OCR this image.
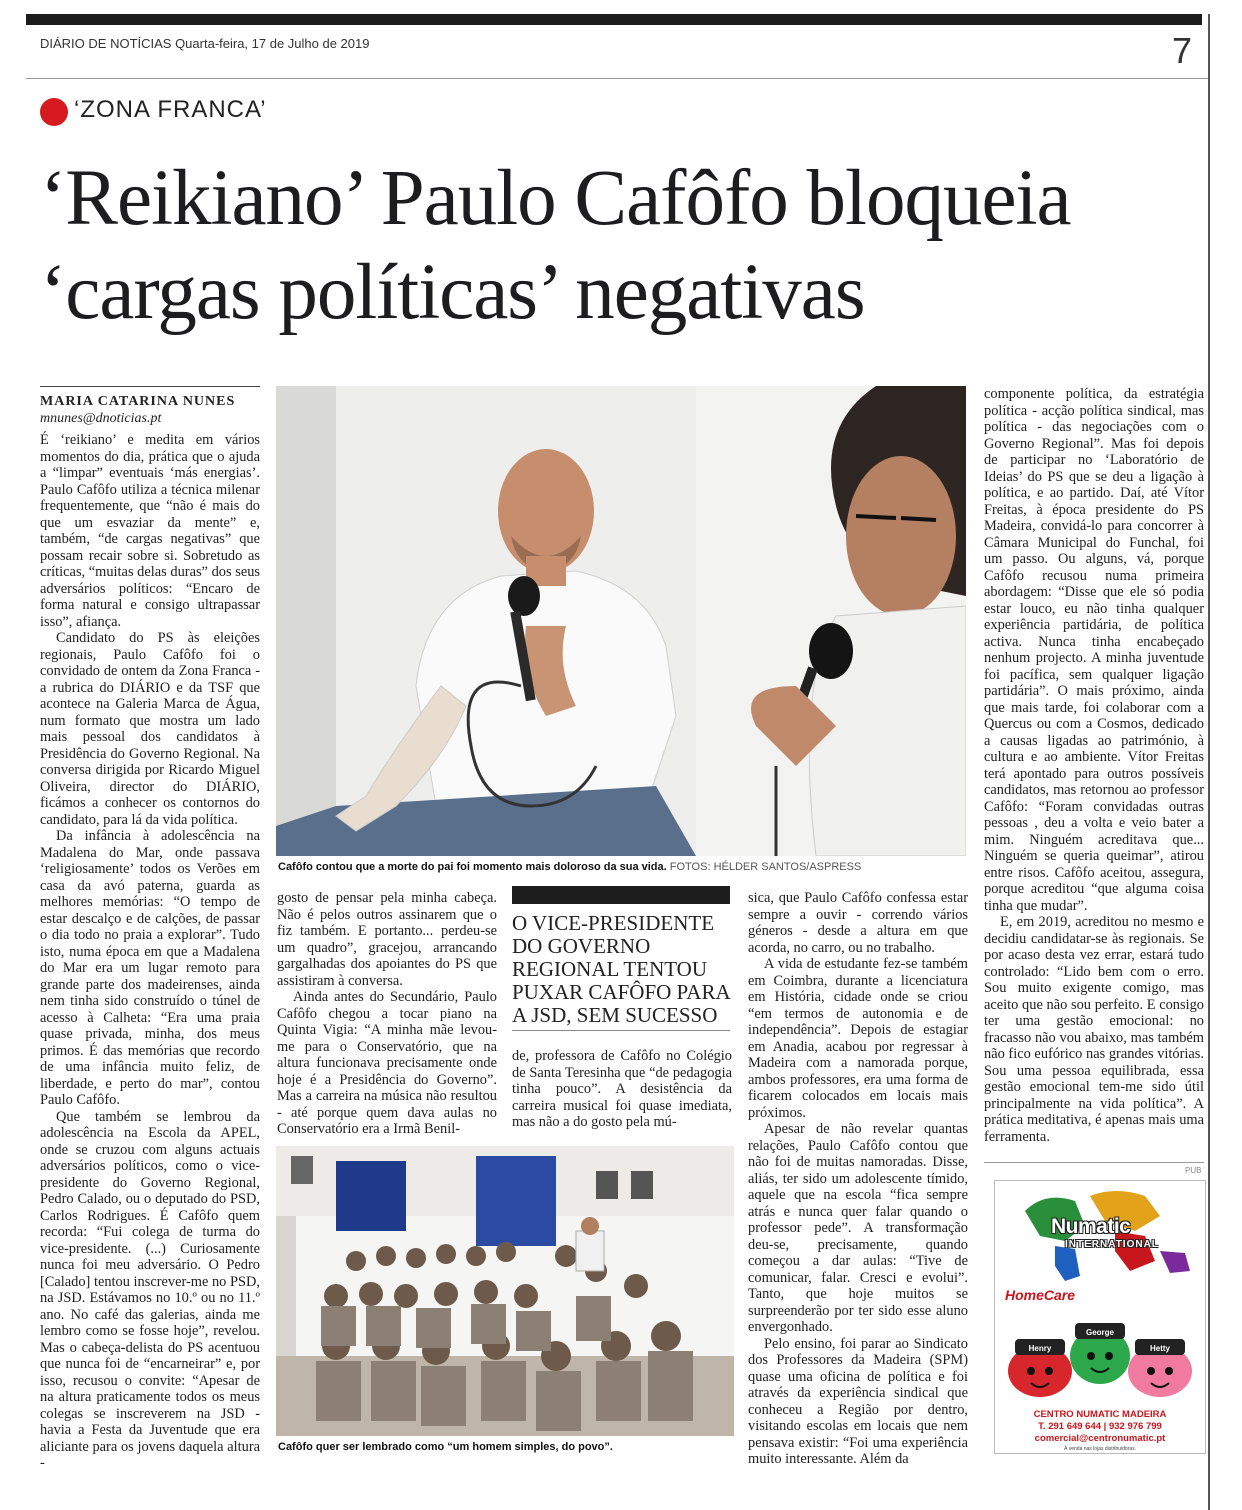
DIÁRIO DE NOTÍCIAS Quarta-feira, 17 de Julho de 2019	7
‘ZONA FRANCA’
‘Reikiano’ Paulo Cafôfo bloqueia
‘cargas políticas’ negativas
MARIA CATARINA NUNES
mnunes@dnoticias.pt

É ‘reikiano’ e medita em vários momentos do dia, prática que o ajuda a “limpar” eventuais ‘más energias’. Paulo Cafôfo utiliza a técnica milenar frequentemente, que “não é mais do que um esvaziar da mente” e, também, “de cargas negativas” que possam recair sobre si. Sobretudo as críticas, “muitas delas duras” dos seus adversários políticos: “Encaro de forma natural e consigo ultrapassar isso”, afiança.

Candidato do PS às eleições regionais, Paulo Cafôfo foi o convidado de ontem da Zona Franca - a rubrica do DIÁRIO e da TSF que acontece na Galeria Marca de Água, num formato que mostra um lado mais pessoal dos candidatos à Presidência do Governo Regional. Na conversa dirigida por Ricardo Miguel Oliveira, director do DIÁRIO, ficámos a conhecer os contornos do candidato, para lá da vida política.

Da infância à adolescência na Madalena do Mar, onde passava ‘religiosamente’ todos os Verões em casa da avó paterna, guarda as melhores memórias: “O tempo de estar descalço e de calções, de passar o dia todo no praia a explorar”. Tudo isto, numa época em que a Madalena do Mar era um lugar remoto para grande parte dos madeirenses, ainda nem tinha sido construído o túnel de acesso à Calheta: “Era uma praia quase privada, minha, dos meus primos. É das memórias que recordo de uma infância muito feliz, de liberdade, e perto do mar”, contou Paulo Cafôfo.

Que também se lembrou da adolescência na Escola da APEL, onde se cruzou com alguns actuais adversários políticos, como o vice-presidente do Governo Regional, Pedro Calado, ou o deputado do PSD, Carlos Rodrigues. É Cafôfo quem recorda: “Fui colega de turma do vice-presidente. (...) Curiosamente nunca foi meu adversário. O Pedro [Calado] tentou inscrever-me no PSD, na JSD. Estávamos no 10.º ou no 11.º ano. No café das galerias, ainda me lembro como se fosse hoje”, revelou. Mas o cabeça-delista do PS acentuou que nunca foi de “encarneirar” e, por isso, recusou o convite: “Apesar de na altura praticamente todos os meus colegas se inscreverem na JSD - havia a Festa da Juventude que era aliciante para os jovens daquela altura -

Cafôfo contou que a morte do pai foi momento mais doloroso da sua vida. FOTOS: HÉLDER SANTOS/ASPRESS

gosto de pensar pela minha cabeça. Não é pelos outros assinarem que o fiz também. E portanto... perdeu-se um quadro”, gracejou, arrancando gargalhadas dos apoiantes do PS que assistiram à conversa.

Ainda antes do Secundário, Paulo Cafôfo chegou a tocar piano na Quinta Vigia: “A minha mãe levou-me para o Conservatório, que na altura funcionava precisamente onde hoje é a Presidência do Governo”. Mas a carreira na música não resultou - até porque quem dava aulas no Conservatório era a Irmã Benil-

O VICE-PRESIDENTE DO GOVERNO REGIONAL TENTOU PUXAR CAFÔFO PARA A JSD, SEM SUCESSO

de, professora de Cafôfo no Colégio de Santa Teresinha que “de pedagogia tinha pouco”. A desistência da carreira musical foi quase imediata, mas não a do gosto pela mú-

Cafôfo quer ser lembrado como “um homem simples, do povo”.

sica, que Paulo Cafôfo confessa estar sempre a ouvir - correndo vários géneros - desde a altura em que acorda, no carro, ou no trabalho.

A vida de estudante fez-se também em Coimbra, durante a licenciatura em História, cidade onde se criou “em termos de autonomia e de independência”. Depois de estagiar em Anadia, acabou por regressar à Madeira com a namorada porque, ambos professores, era uma forma de ficarem colocados em locais mais próximos.

Apesar de não revelar quantas relações, Paulo Cafôfo contou que não foi de muitas namoradas. Disse, aliás, ter sido um adolescente tímido, aquele que na escola “fica sempre atrás e nunca quer falar quando o professor pede”. A transformação deu-se, precisamente, quando começou a dar aulas: “Tive de comunicar, falar. Cresci e evolui”. Tanto, que hoje muitos se surpreenderão por ter sido esse aluno envergonhado.

Pelo ensino, foi parar ao Sindicato dos Professores da Madeira (SPM) quase uma oficina de política e foi através da experiência sindical que conheceu a Região por dentro, visitando escolas em locais que nem pensava existir: “Foi uma experiência muito interessante. Além da

componente política, da estratégia política - acção política sindical, mas política - das negociações com o Governo Regional”. Mas foi depois de participar no ‘Laboratório de Ideias’ do PS que se deu a ligação à política, e ao partido. Daí, até Vítor Freitas, à época presidente do PS Madeira, convidá-lo para concorrer à Câmara Municipal do Funchal, foi um passo. Ou alguns, vá, porque Cafôfo recusou numa primeira abordagem: “Disse que ele só podia estar louco, eu não tinha qualquer experiência partidária, de política activa. Nunca tinha encabeçado nenhum projecto. A minha juventude foi pacífica, sem qualquer ligação partidária”. O mais próximo, ainda que mais tarde, foi colaborar com a Quercus ou com a Cosmos, dedicado a causas ligadas ao património, à cultura e ao ambiente. Vítor Freitas terá apontado para outros possíveis candidatos, mas retornou ao professor Cafôfo: “Foram convidadas outras pessoas , deu a volta e veio bater a mim. Ninguém acreditava que... Ninguém se queria queimar”, atirou entre risos. Cafôfo aceitou, assegura, porque acreditou “que alguma coisa tinha que mudar”.

E, em 2019, acreditou no mesmo e decidiu candidatar-se às regionais. Se por acaso desta vez errar, estará tudo controlado: “Lido bem com o erro. Sou muito exigente comigo, mas aceito que não sou perfeito. E consigo ter uma gestão emocional: no fracasso não vou abaixo, mas também não fico eufórico nas grandes vitórias. Sou uma pessoa equilibrada, essa gestão emocional tem-me sido útil principalmente na vida política”. A prática meditativa, é apenas mais uma ferramenta.

PUB
Numatic
INTERNATIONAL
HomeCare
Henry
George
Hetty
CENTRO NUMATIC MADEIRA
T. 291 649 644 | 932 976 799
comercial@centronumatic.pt
À venda nas lojas distribuidoras.
